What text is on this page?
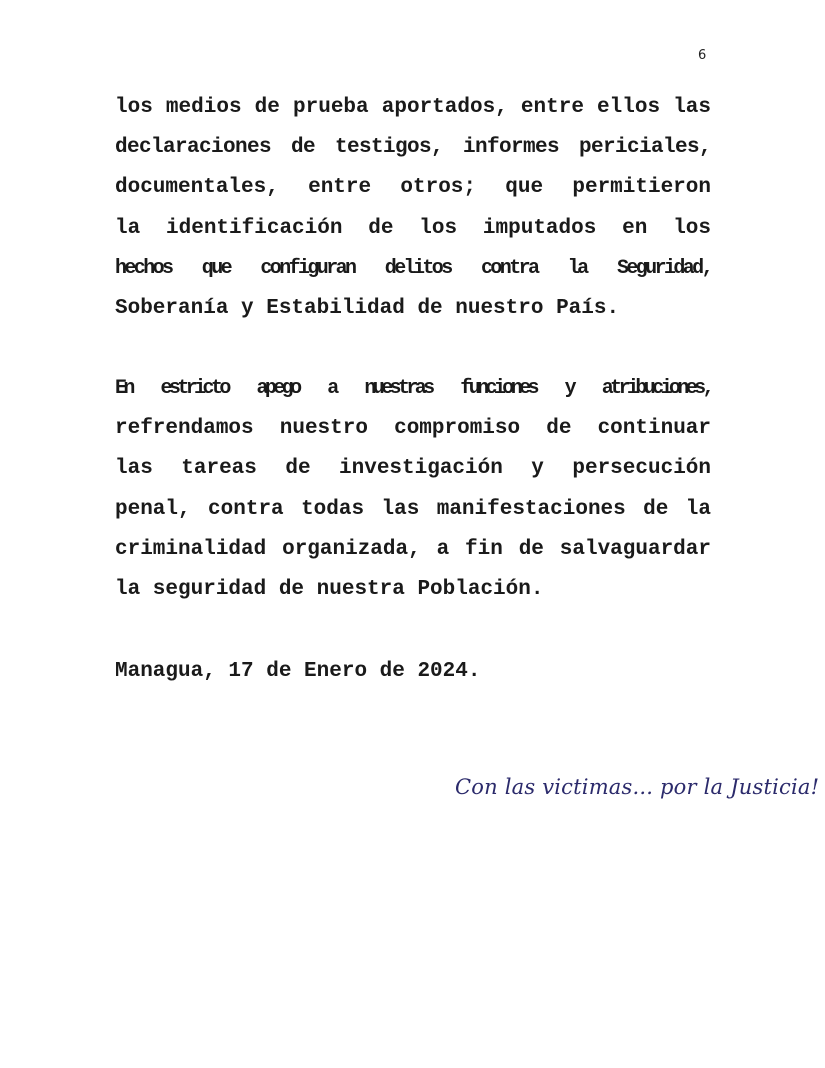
6
los medios de prueba aportados, entre ellos las
declaraciones de testigos, informes periciales,
documentales, entre otros; que permitieron
la identificación de los imputados en los
hechos que configuran delitos contra la Seguridad,
Soberanía y Estabilidad de nuestro País.
En estricto apego a nuestras funciones y atribuciones,
refrendamos nuestro compromiso de continuar
las tareas de investigación y persecución
penal, contra todas las manifestaciones de la
criminalidad organizada, a fin de salvaguardar
la seguridad de nuestra Población.
Managua, 17 de Enero de 2024.
Con las victimas... por la Justicia!
